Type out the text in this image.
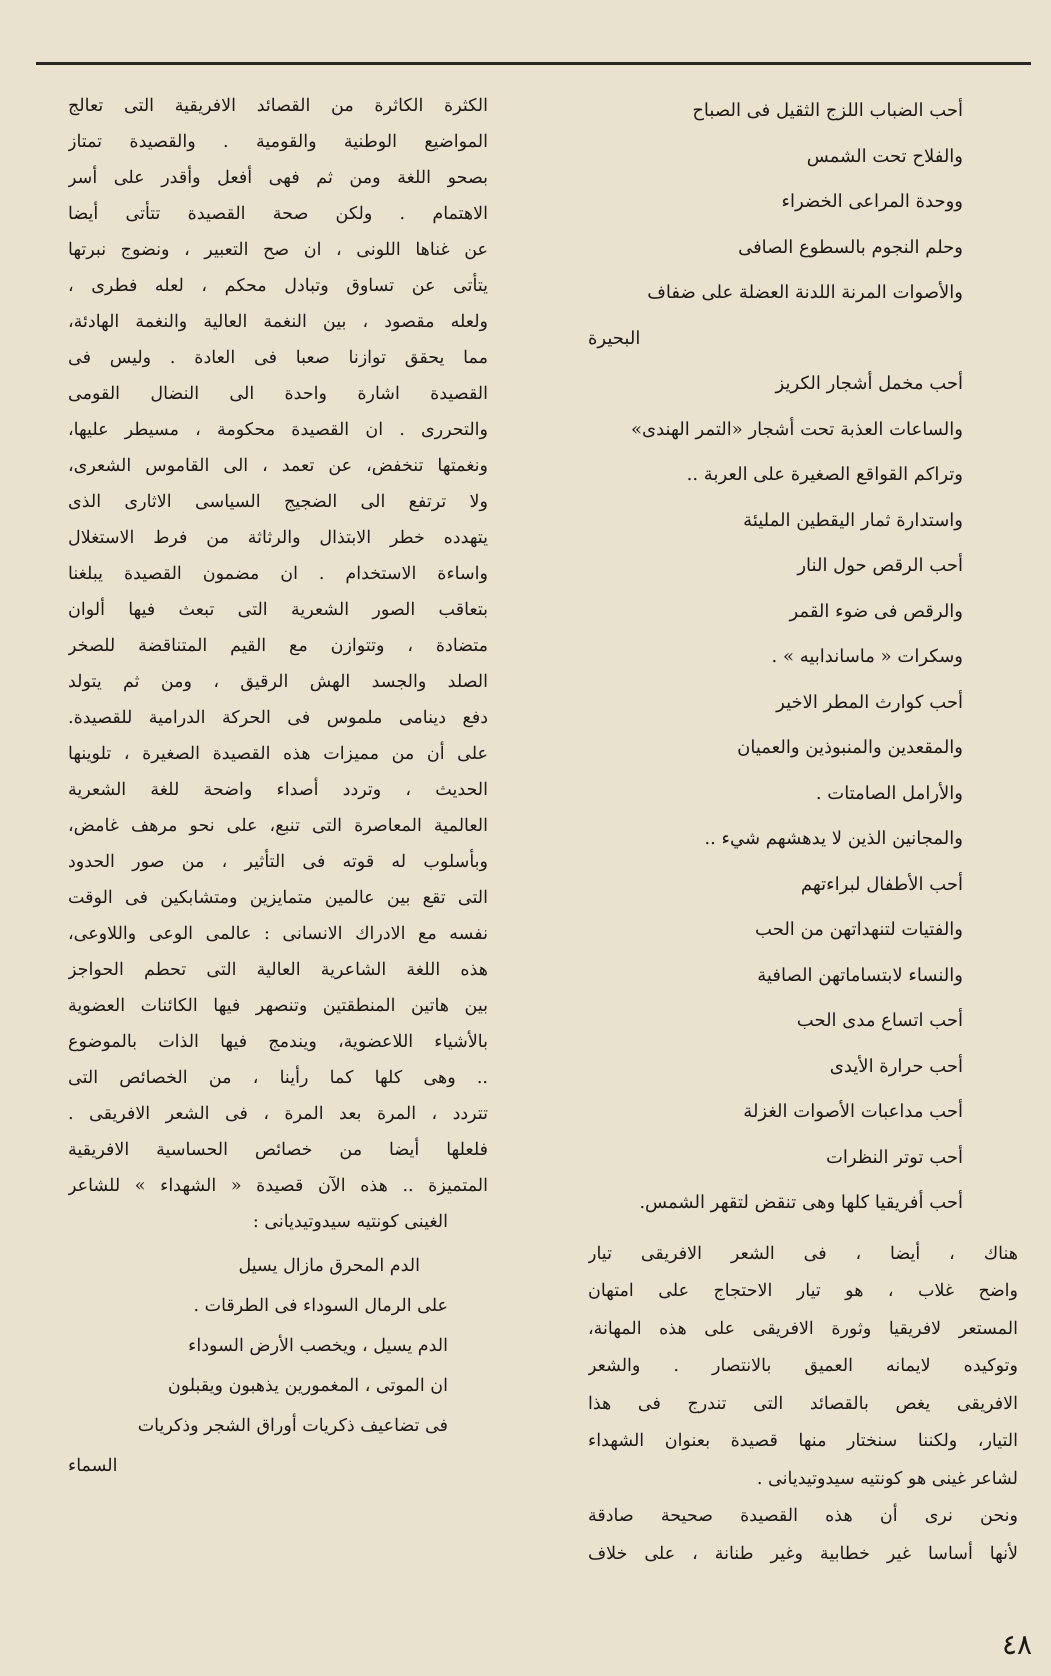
أحب الضباب اللزج الثقيل فى الصباح
والفلاح تحت الشمس
ووحدة المراعى الخضراء
وحلم النجوم بالسطوع الصافى
والأصوات المرنة اللدنة العضلة على ضفاف
البحيرة
أحب مخمل أشجار الكريز
والساعات العذبة تحت أشجار «التمر الهندى»
وتراكم القواقع الصغيرة على العربة ..
واستدارة ثمار اليقطين المليئة
أحب الرقص حول النار
والرقص فى ضوء القمر
وسكرات « ماساندابيه » .
أحب كوارث المطر الاخير
والمقعدين والمنبوذين والعميان
والأرامل الصامتات .
والمجانين الذين لا يدهشهم شيء ..
أحب الأطفال لبراءتهم
والفتيات لتنهداتهن من الحب
والنساء لابتساماتهن الصافية
أحب اتساع مدى الحب
أحب حرارة الأيدى
أحب مداعبات الأصوات الغزلة
أحب توتر النظرات
أحب أفريقيا كلها وهى تنقض لتقهر الشمس.
هناك ، أيضا ، فى الشعر الافريقى تيار
واضح غلاب ، هو تيار الاحتجاج على امتهان
المستعر لافريقيا وثورة الافريقى على هذه المهانة،
وتوكيده لايمانه العميق بالانتصار . والشعر
الافريقى يغص بالقصائد التى تندرج فى هذا
التيار، ولكننا سنختار منها قصيدة بعنوان الشهداء
لشاعر غينى هو كونتيه سيدوتيديانى .
ونحن نرى أن هذه القصيدة صحيحة صادقة
لأنها أساسا غير خطابية وغير طنانة ، على خلاف
الكثرة الكاثرة من القصائد الافريقية التى تعالج
المواضيع الوطنية والقومية . والقصيدة تمتاز
بصحو اللغة ومن ثم فهى أفعل وأقدر على أسر
الاهتمام . ولكن صحة القصيدة تتأتى أيضا
عن غناها اللونى ، ان صح التعبير ، ونضوج نبرتها
يتأتى عن تساوق وتبادل محكم ، لعله فطرى ،
ولعله مقصود ، بين النغمة العالية والنغمة الهادئة،
مما يحقق توازنا صعبا فى العادة . وليس فى
القصيدة اشارة واحدة الى النضال القومى
والتحررى . ان القصيدة محكومة ، مسيطر عليها،
ونغمتها تنخفض، عن تعمد ، الى القاموس الشعرى،
ولا ترتفع الى الضجيج السياسى الاثارى الذى
يتهدده خطر الابتذال والرثاثة من فرط الاستغلال
واساءة الاستخدام . ان مضمون القصيدة يبلغنا
بتعاقب الصور الشعرية التى تبعث فيها ألوان
متضادة ، وتتوازن مع القيم المتناقضة للصخر
الصلد والجسد الهش الرقيق ، ومن ثم يتولد
دفع دينامى ملموس فى الحركة الدرامية للقصيدة.
على أن من مميزات هذه القصيدة الصغيرة ، تلوينها
الحديث ، وتردد أصداء واضحة للغة الشعرية
العالمية المعاصرة التى تنبع، على نحو مرهف غامض،
وبأسلوب له قوته فى التأثير ، من صور الحدود
التى تقع بين عالمين متمايزين ومتشابكين فى الوقت
نفسه مع الادراك الانسانى : عالمى الوعى واللاوعى،
هذه اللغة الشاعرية العالية التى تحطم الحواجز
بين هاتين المنطقتين وتنصهر فيها الكائنات العضوية
بالأشياء اللاعضوية، ويندمج فيها الذات بالموضوع
.. وهى كلها كما رأينا ، من الخصائص التى
تتردد ، المرة بعد المرة ، فى الشعر الافريقى .
فلعلها أيضا من خصائص الحساسية الافريقية
المتميزة .. هذه الآن قصيدة « الشهداء » للشاعر
الغينى كونتيه سيدوتيديانى :
الدم المحرق مازال يسيل
على الرمال السوداء فى الطرقات .
الدم يسيل ، ويخصب الأرض السوداء
ان الموتى ، المغمورين يذهبون ويقبلون
فى تضاعيف ذكريات أوراق الشجر وذكريات
السماء
٤٨
